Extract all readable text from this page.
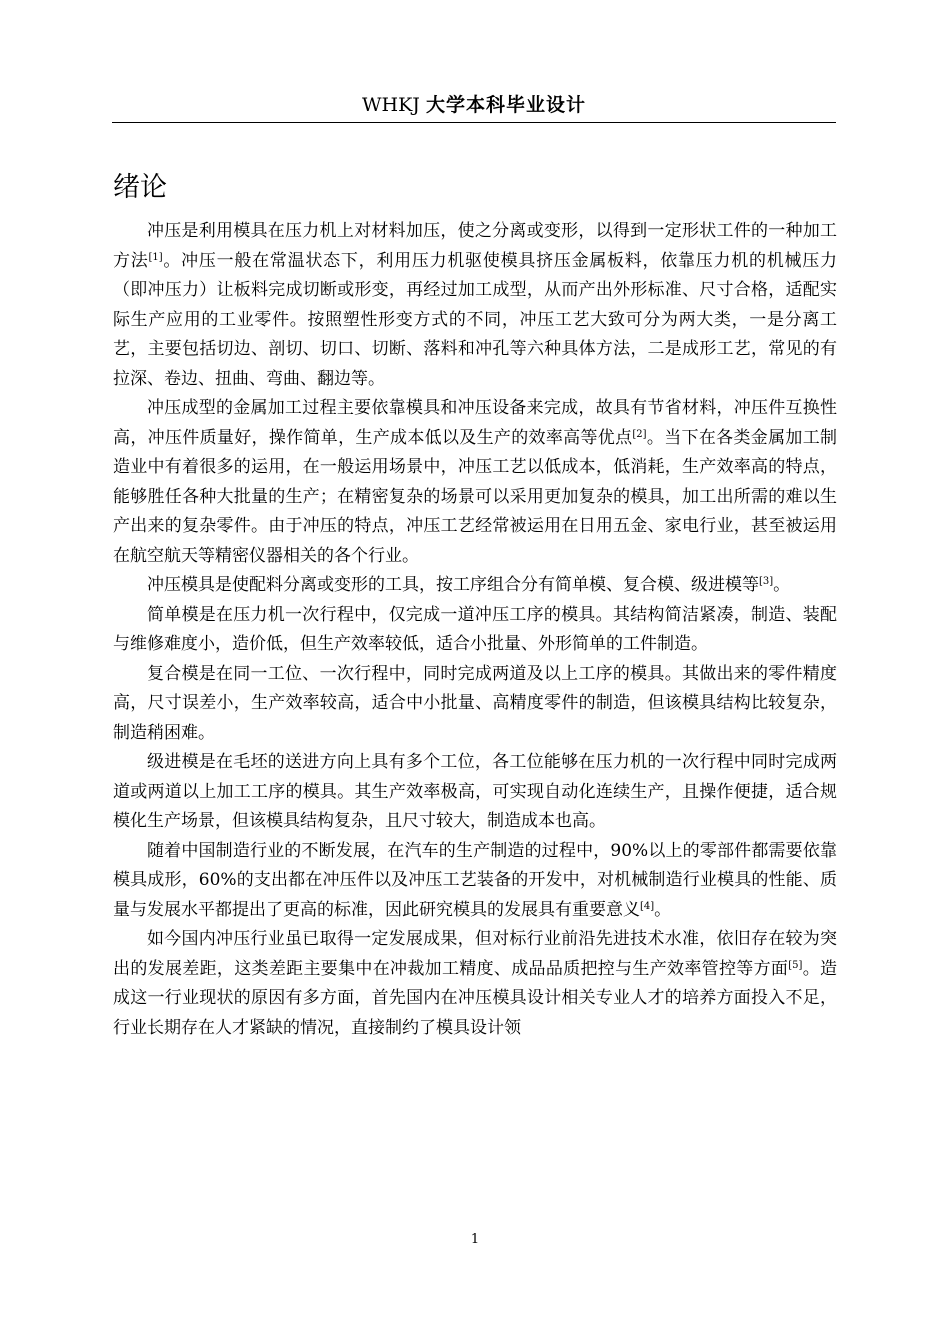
WHKJ 大学本科毕业设计
绪论

冲压是利用模具在压力机上对材料加压，使之分离或变形，以得到一定形状工件的一种加工方法[1]。冲压一般在常温状态下，利用压力机驱使模具挤压金属板料，依靠压力机的机械压力（即冲压力）让板料完成切断或形变，再经过加工成型，从而产出外形标准、尺寸合格，适配实际生产应用的工业零件。按照塑性形变方式的不同，冲压工艺大致可分为两大类，一是分离工艺，主要包括切边、剖切、切口、切断、落料和冲孔等六种具体方法，二是成形工艺，常见的有拉深、卷边、扭曲、弯曲、翻边等。

冲压成型的金属加工过程主要依靠模具和冲压设备来完成，故具有节省材料，冲压件互换性高，冲压件质量好，操作简单，生产成本低以及生产的效率高等优点[2]。当下在各类金属加工制造业中有着很多的运用，在一般运用场景中，冲压工艺以低成本，低消耗，生产效率高的特点，能够胜任各种大批量的生产；在精密复杂的场景可以采用更加复杂的模具，加工出所需的难以生产出来的复杂零件。由于冲压的特点，冲压工艺经常被运用在日用五金、家电行业，甚至被运用在航空航天等精密仪器相关的各个行业。

冲压模具是使配料分离或变形的工具，按工序组合分有简单模、复合模、级进模等[3]。

简单模是在压力机一次行程中，仅完成一道冲压工序的模具。其结构简洁紧凑，制造、装配与维修难度小，造价低，但生产效率较低，适合小批量、外形简单的工件制造。

复合模是在同一工位、一次行程中，同时完成两道及以上工序的模具。其做出来的零件精度高，尺寸误差小，生产效率较高，适合中小批量、高精度零件的制造，但该模具结构比较复杂，制造稍困难。

级进模是在毛坯的送进方向上具有多个工位，各工位能够在压力机的一次行程中同时完成两道或两道以上加工工序的模具。其生产效率极高，可实现自动化连续生产，且操作便捷，适合规模化生产场景，但该模具结构复杂，且尺寸较大，制造成本也高。

随着中国制造行业的不断发展，在汽车的生产制造的过程中，90%以上的零部件都需要依靠模具成形，60%的支出都在冲压件以及冲压工艺装备的开发中，对机械制造行业模具的性能、质量与发展水平都提出了更高的标准，因此研究模具的发展具有重要意义[4]。

如今国内冲压行业虽已取得一定发展成果，但对标行业前沿先进技术水准，依旧存在较为突出的发展差距，这类差距主要集中在冲裁加工精度、成品品质把控与生产效率管控等方面[5]。造成这一行业现状的原因有多方面，首先国内在冲压模具设计相关专业人才的培养方面投入不足，行业长期存在人才紧缺的情况，直接制约了模具设计领

1
